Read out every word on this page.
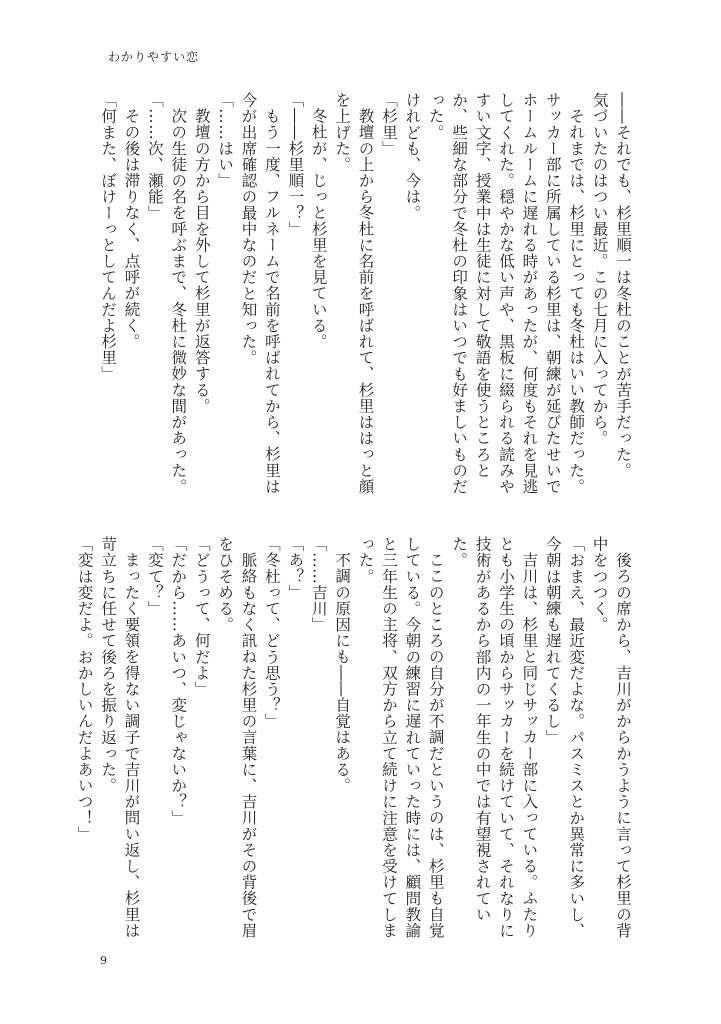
わかりやすい恋

――それでも、杉里順一は冬杜のことが苦手だった。

気づいたのはつい最近。この七月に入ってから。

それまでは、杉里にとっても冬杜はいい教師だった。サッカー部に所属している杉里は、朝練が延びたせいでホームルームに遅れる時があったが、何度もそれを見逃してくれた。穏やかな低い声や、黒板に綴られる読みやすい文字、授業中は生徒に対して敬語を使うところとか、些細な部分で冬杜の印象はいつでも好ましいものだった。

けれども、今は。

「杉里」

教壇の上から冬杜に名前を呼ばれて、杉里ははっと顔を上げた。

冬杜が、じっと杉里を見ている。

「――杉里順一？」

もう一度、フルネームで名前を呼ばれてから、杉里は今が出席確認の最中なのだと知った。

「……はい」

教壇の方から目を外して杉里が返答する。

次の生徒の名を呼ぶまで、冬杜に微妙な間があった。

「……次、瀬能」

その後は滞りなく、点呼が続く。

「何また、ぼけーっとしてんだよ杉里」

後ろの席から、吉川がからかうように言って杉里の背中をつつく。

「おまえ、最近変だよな。パスミスとか異常に多いし、今朝は朝練も遅れてくるし」

吉川は、杉里と同じサッカー部に入っている。ふたりとも小学生の頃からサッカーを続けていて、それなりに技術があるから部内の一年生の中では有望視されていた。

ここのところの自分が不調だというのは、杉里も自覚している。今朝の練習に遅れていった時には、顧問教諭と三年生の主将、双方から立て続けに注意を受けてしまった。

不調の原因にも――自覚はある。

「……吉川」

「あ？」

「冬杜って、どう思う？」

脈絡もなく訊ねた杉里の言葉に、吉川がその背後で眉をひそめる。

「どうって、何だよ」

「だから……あいつ、変じゃないか？」

「変て？」

まったく要領を得ない調子で吉川が問い返し、杉里は苛立ちに任せて後ろを振り返った。

「変は変だよ。おかしいんだよあいつ！」

9
